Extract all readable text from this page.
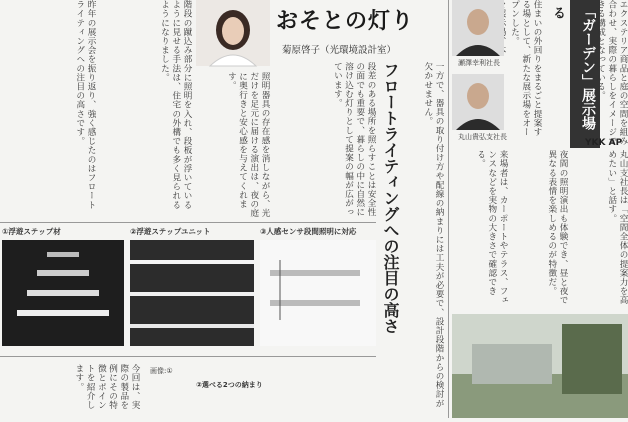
昨年の展示会を振り返り、強く感じたのはフロートライティングへの注目の高さです。	階段の蹴込み部分に照明を入れ、段板が浮いているように見せる手法は、住宅の外構でも多く見られるようになりました。	おそとの灯り
菊原啓子（光環境設計室）
照明器具の存在感を消しながら、光だけを足元に届ける演出は、夜の庭に奥行きと安心感を与えてくれます。	段差のある場所を照らすことは安全性の面でも重要で、暮らしの中に自然に溶け込む灯りとして提案の幅が広がっています。	フロートライティングへの注目の高さ	一方で、器具の取り付け方や配線の納まりには工夫が必要で、設計段階からの検討が欠かせません。
①浮遊ステップ材	②浮遊ステップユニット	③人感センサ段間照明に対応
画像:①
②選べる2つの納まり
今回は、実際の製品を例にその特徴とポイントを紹介します。
瀬澤幸利社長
丸山貴弘支社長
住まいの外回りをまるごと提案する場として、新たな展示場をオープンした。	る	「ガーデン」展示場	エクステリア商品と庭の空間を組み合わせ、実際の暮らしをイメージできる構成となっている。
YKK AP
来場者は、カーポートやテラス、フェンスなどを実物の大きさで確認できる。	夜間の照明演出も体験でき、昼と夜で異なる表情を楽しめるのが特徴だ。	丸山支社長は「空間全体の提案力を高めたい」と話す。
